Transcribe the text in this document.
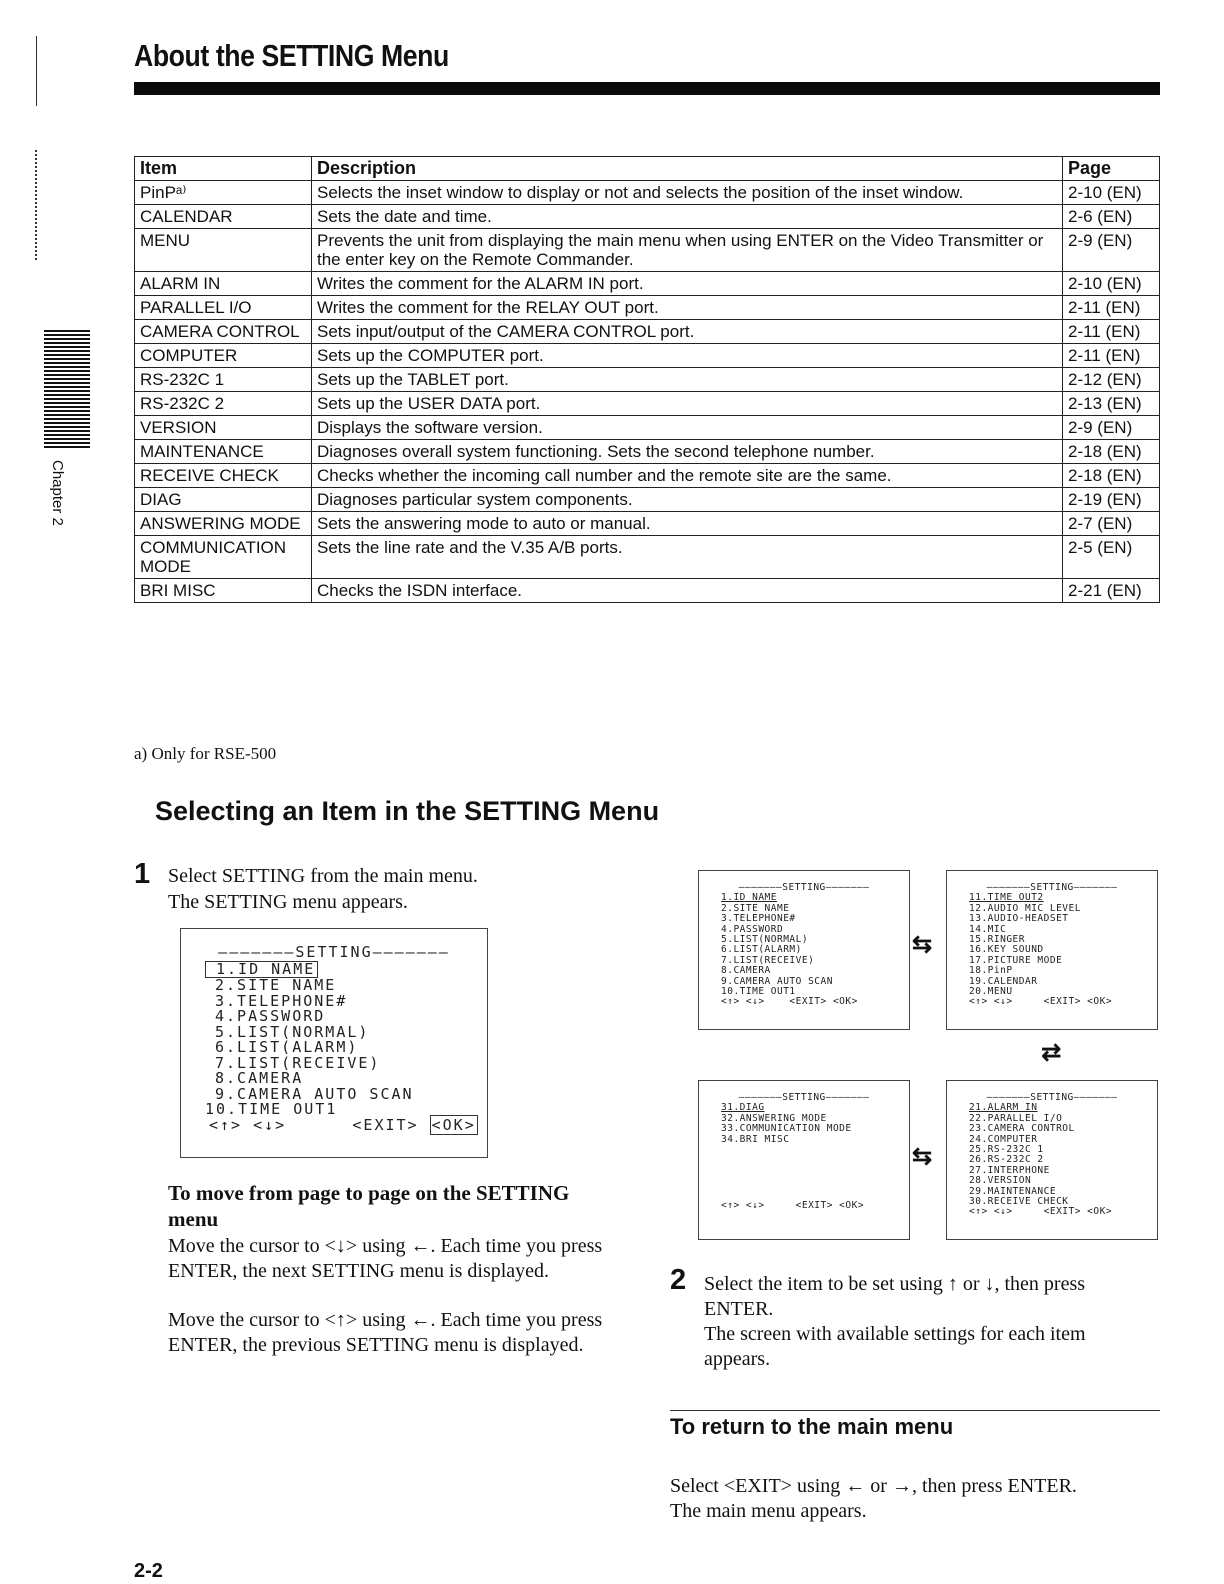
Chapter 2
About the SETTING Menu
Item	Description	Page
PinPᵃ⁾	Selects the inset window to display or not and selects the position of the inset window.	2-10 (EN)
CALENDAR	Sets the date and time.	2-6 (EN)
MENU	Prevents the unit from displaying the main menu when using ENTER on the Video Transmitter or the enter key on the Remote Commander.	2-9 (EN)
ALARM IN	Writes the comment for the ALARM IN port.	2-10 (EN)
PARALLEL I/O	Writes the comment for the RELAY OUT port.	2-11 (EN)
CAMERA CONTROL	Sets input/output of the CAMERA CONTROL port.	2-11 (EN)
COMPUTER	Sets up the COMPUTER port.	2-11 (EN)
RS-232C 1	Sets up the TABLET port.	2-12 (EN)
RS-232C 2	Sets up the USER DATA port.	2-13 (EN)
VERSION	Displays the software version.	2-9 (EN)
MAINTENANCE	Diagnoses overall system functioning. Sets the second telephone number.	2-18 (EN)
RECEIVE CHECK	Checks whether the incoming call number and the remote site are the same.	2-18 (EN)
DIAG	Diagnoses particular system components.	2-19 (EN)
ANSWERING MODE	Sets the answering mode to auto or manual.	2-7 (EN)
COMMUNICATION MODE	Sets the line rate and the V.35 A/B ports.	2-5 (EN)
BRI MISC	Checks the ISDN interface.	2-21 (EN)
a) Only for RSE-500
Selecting an Item in the SETTING Menu
1 Select SETTING from the main menu.
The SETTING menu appears.
———————SETTING———————
1.ID NAME

2.SITE NAME
3.TELEPHONE#
4.PASSWORD
5.LIST(NORMAL)
6.LIST(ALARM)
7.LIST(RECEIVE)
8.CAMERA
9.CAMERA AUTO SCAN
10.TIME OUT1
<↑> <↓>	<EXIT> <OK>
To move from page to page on the SETTING menu
Move the cursor to <↓> using ←. Each time you press ENTER, the next SETTING menu is displayed.
Move the cursor to <↑> using ←. Each time you press ENTER, the previous SETTING menu is displayed.
———————SETTING———————
1.ID NAME
2.SITE NAME
3.TELEPHONE#
4.PASSWORD
5.LIST(NORMAL)
6.LIST(ALARM)
7.LIST(RECEIVE)
8.CAMERA
9.CAMERA AUTO SCAN
10.TIME OUT1
<↑> <↓>    <EXIT> <OK>
———————SETTING———————
11.TIME OUT2
12.AUDIO MIC LEVEL
13.AUDIO-HEADSET
14.MIC
15.RINGER
16.KEY SOUND
17.PICTURE MODE
18.PinP
19.CALENDAR
20.MENU
<↑> <↓>     <EXIT> <OK>
———————SETTING———————
31.DIAG
32.ANSWERING MODE
33.COMMUNICATION MODE
34.BRI MISC
<↑> <↓>     <EXIT> <OK>
———————SETTING———————
21.ALARM IN
22.PARALLEL I/O
23.CAMERA CONTROL
24.COMPUTER
25.RS-232C 1
26.RS-232C 2
27.INTERPHONE
28.VERSION
29.MAINTENANCE
30.RECEIVE CHECK
<↑> <↓>     <EXIT> <OK>
⇆
⇅
⇆
2 Select the item to be set using ↑ or ↓, then press ENTER.
The screen with available settings for each item appears.
To return to the main menu
Select <EXIT> using ← or →, then press ENTER.
The main menu appears.
2-2
